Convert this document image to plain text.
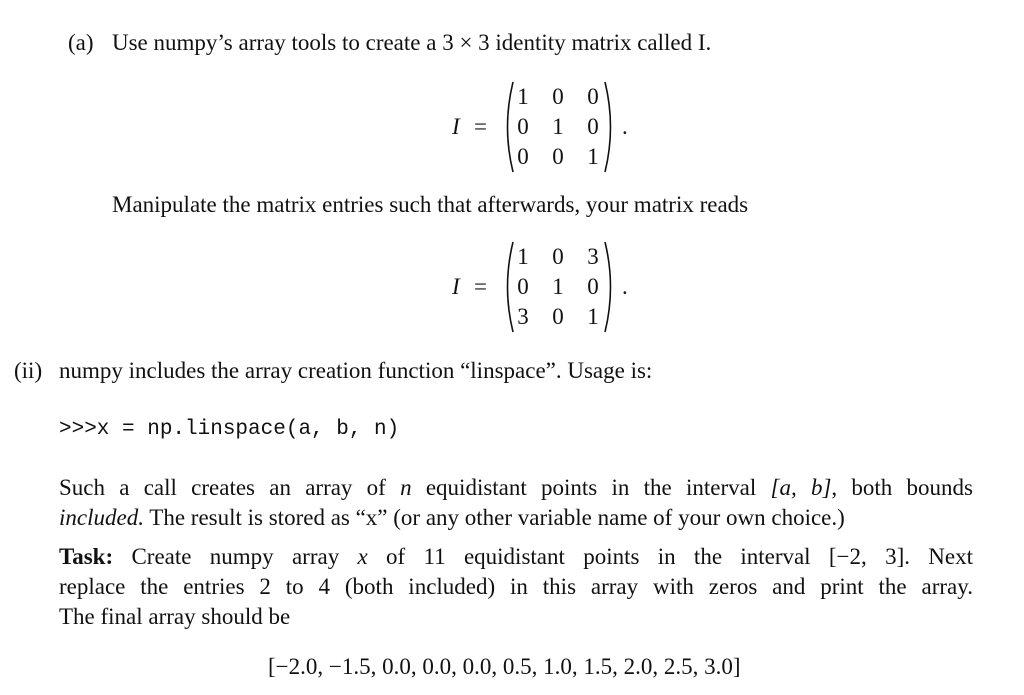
(a) Use numpy’s array tools to create a 3 × 3 identity matrix called I.
I =
1 0 0
0 1 0
0 0 1
.
Manipulate the matrix entries such that afterwards, your matrix reads
I =
1 0 3
0 1 0
3 0 1
.
(ii) numpy includes the array creation function “linspace”. Usage is:
>>>x = np.linspace(a, b, n)
Such a call creates an array of n equidistant points in the interval [a, b], both bounds
included. The result is stored as “x” (or any other variable name of your own choice.)
Task: Create numpy array x of 11 equidistant points in the interval [−2, 3]. Next
replace the entries 2 to 4 (both included) in this array with zeros and print the array.
The final array should be
[−2.0, −1.5, 0.0, 0.0, 0.0, 0.5, 1.0, 1.5, 2.0, 2.5, 3.0]
